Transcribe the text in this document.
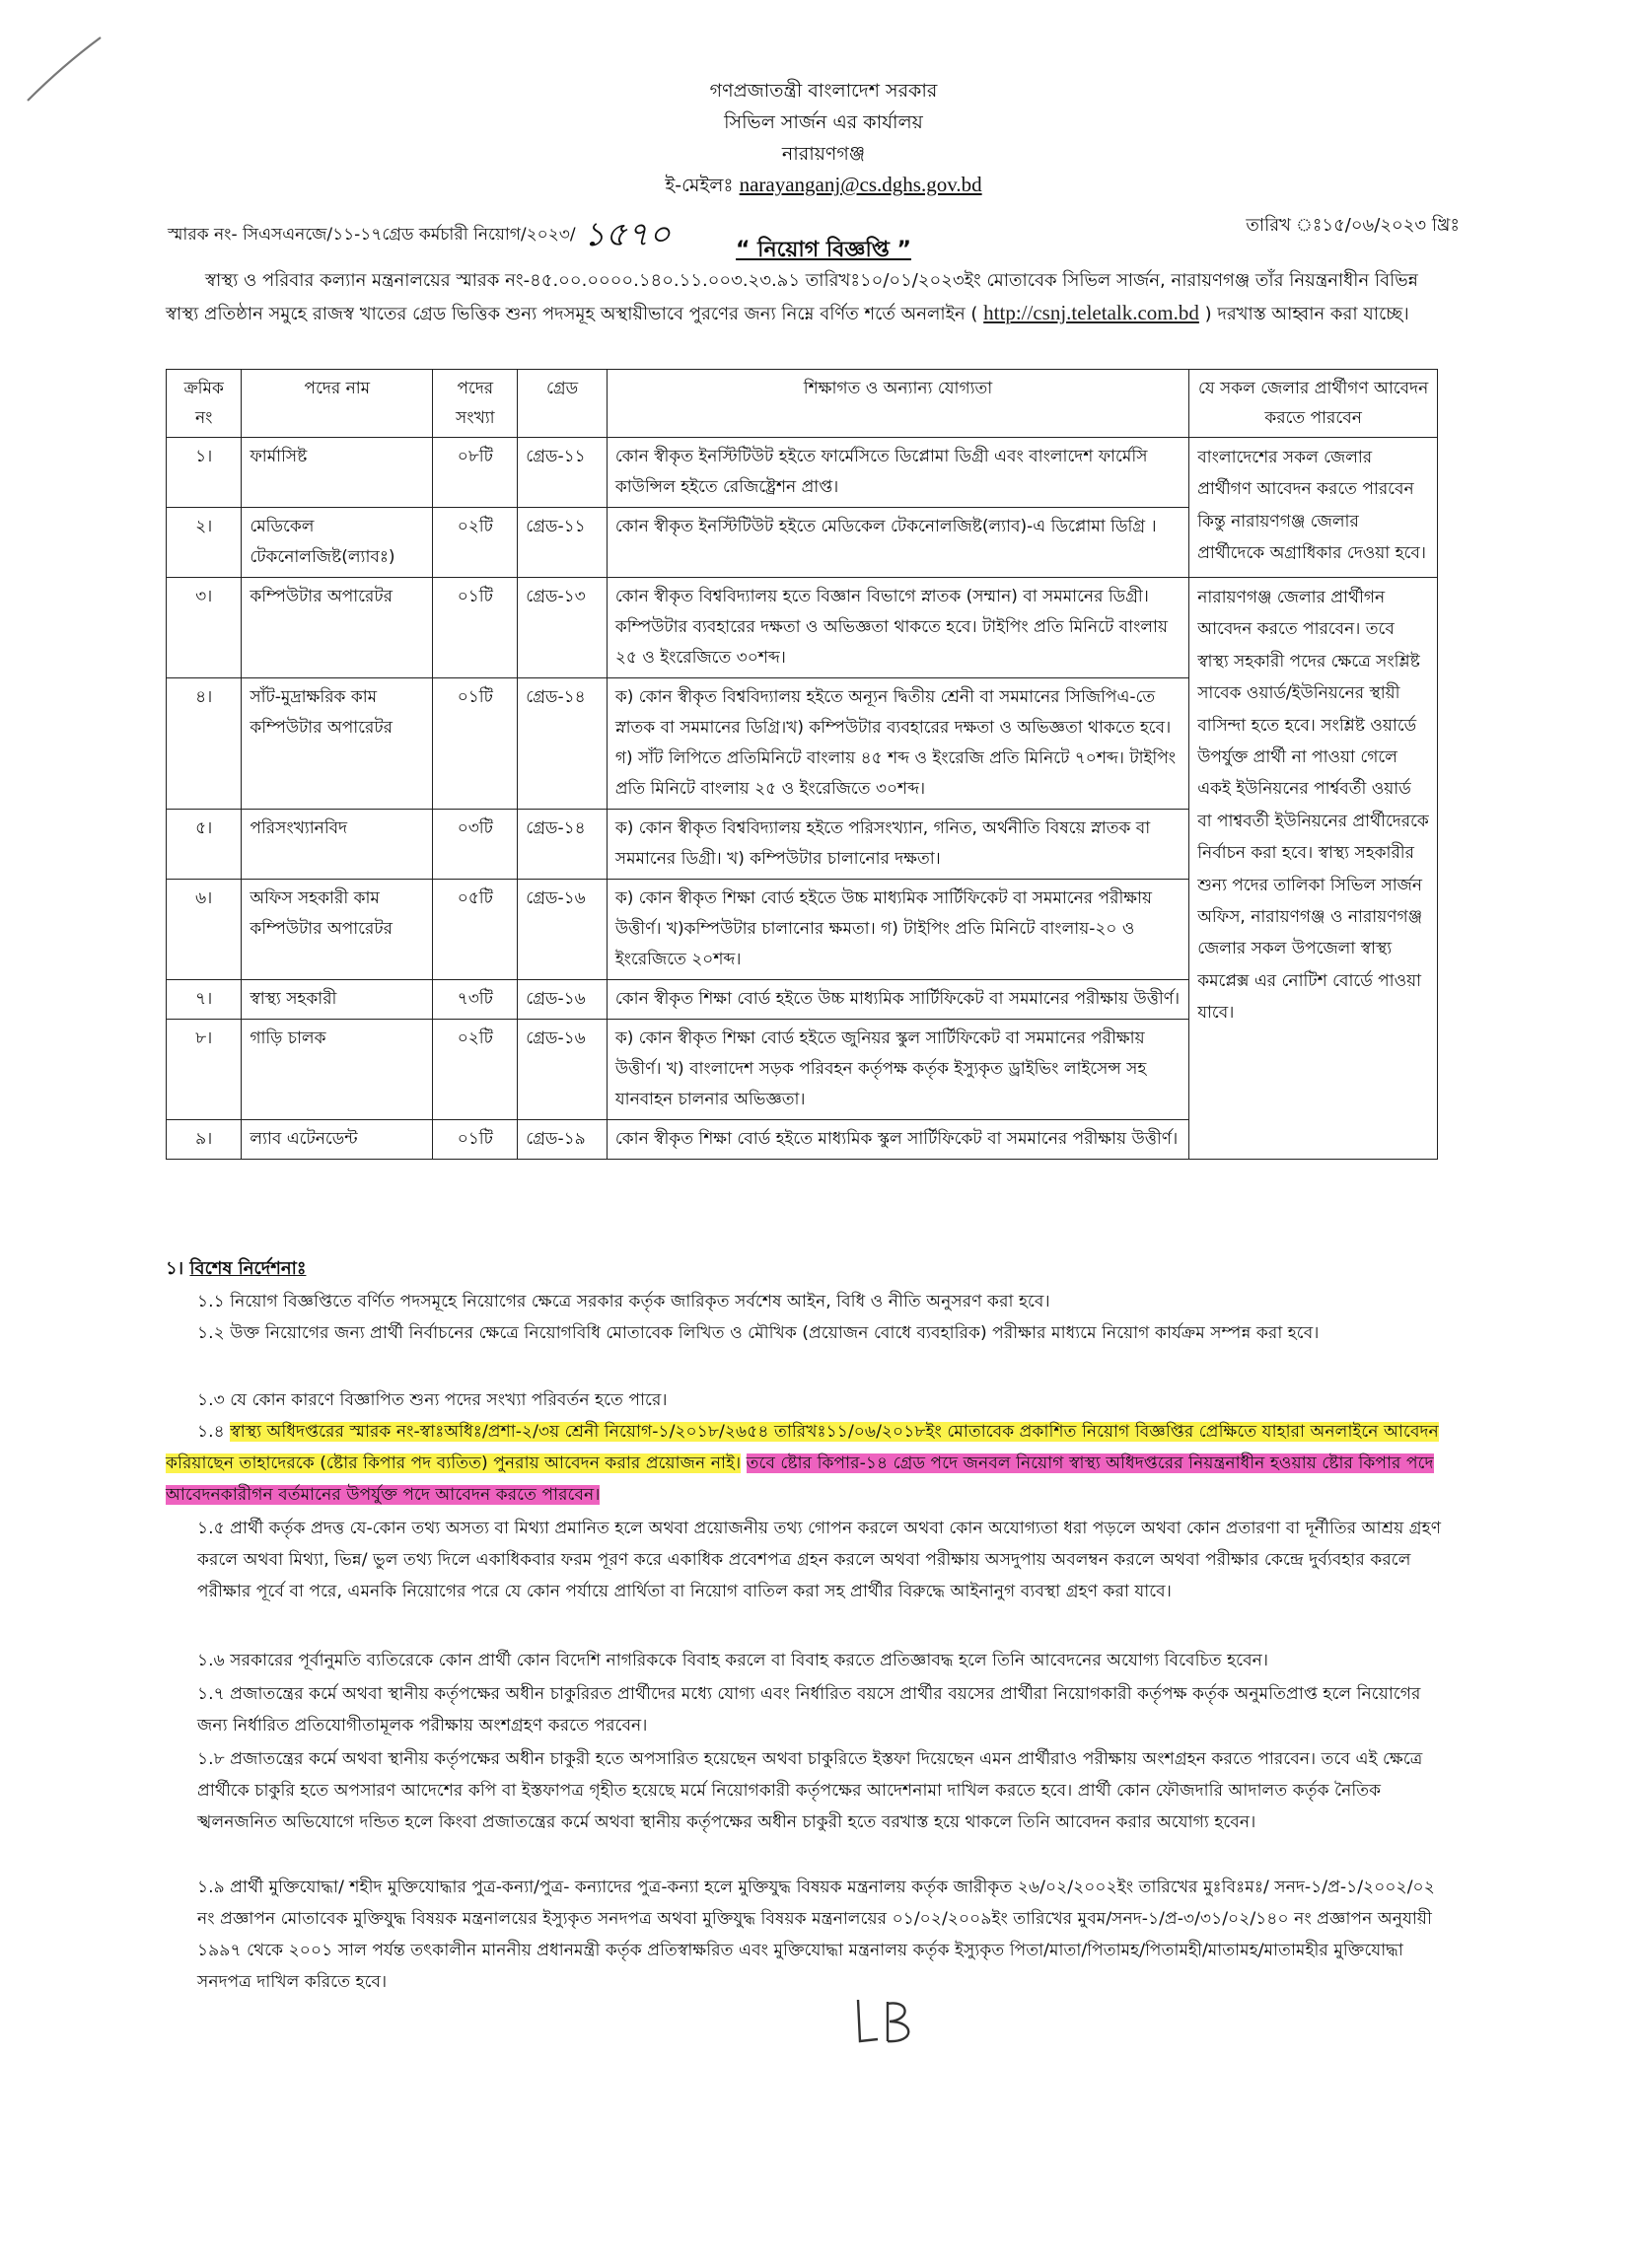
গণপ্রজাতন্ত্রী বাংলাদেশ সরকার
সিভিল সার্জন এর কার্যালয়
নারায়ণগঞ্জ
ই-মেইলঃ narayanganj@cs.dghs.gov.bd
স্মারক নং- সিএসএনজে/১১-১৭গ্রেড কর্মচারী নিয়োগ/২০২৩/ ১৫৭০	তারিখ ঃ১৫/০৬/২০২৩ খ্রিঃ
“ নিয়োগ বিজ্ঞপ্তি ”
স্বাস্থ্য ও পরিবার কল্যান মন্ত্রনালয়ের স্মারক নং-৪৫.০০.০০০০.১৪০.১১.০০৩.২৩.৯১ তারিখঃ১০/০১/২০২৩ইং মোতাবেক সিভিল সার্জন, নারায়ণগঞ্জ তাঁর নিয়ন্ত্রনাধীন বিভিন্ন স্বাস্থ্য প্রতিষ্ঠান সমুহে রাজস্ব খাতের গ্রেড ভিত্তিক শুন্য পদসমূহ অস্থায়ীভাবে পুরণের জন্য নিম্নে বর্ণিত শর্তে অনলাইন ( http://csnj.teletalk.com.bd ) দরখাস্ত আহ্বান করা যাচ্ছে।
ক্রমিক নং	পদের নাম	পদের সংখ্যা	গ্রেড	শিক্ষাগত ও অন্যান্য যোগ্যতা	যে সকল জেলার প্রার্থীগণ আবেদন করতে পারবেন
১।	ফার্মাসিষ্ট	০৮টি	গ্রেড-১১	কোন স্বীকৃত ইনস্টিটিউট হইতে ফার্মেসিতে ডিপ্লোমা ডিগ্রী এবং বাংলাদেশ ফার্মেসি কাউন্সিল হইতে রেজিষ্ট্রেশন প্রাপ্ত।	বাংলাদেশের সকল জেলার প্রার্থীগণ আবেদন করতে পারবেন কিন্তু নারায়ণগঞ্জ জেলার প্রার্থীদেকে অগ্রাধিকার দেওয়া হবে।
২।	মেডিকেল টেকনোলজিষ্ট(ল্যাবঃ)	০২টি	গ্রেড-১১	কোন স্বীকৃত ইনস্টিটিউট হইতে মেডিকেল টেকনোলজিষ্ট(ল্যাব)-এ ডিপ্লোমা ডিগ্রি ।	
৩।	কম্পিউটার অপারেটর	০১টি	গ্রেড-১৩	কোন স্বীকৃত বিশ্ববিদ্যালয় হতে বিজ্ঞান বিভাগে স্নাতক (সম্মান) বা সমমানের ডিগ্রী। কম্পিউটার ব্যবহারের দক্ষতা ও অভিজ্ঞতা থাকতে হবে। টাইপিং প্রতি মিনিটে বাংলায় ২৫ ও ইংরেজিতে ৩০শব্দ।	নারায়ণগঞ্জ জেলার প্রার্থীগন আবেদন করতে পারবেন। তবে স্বাস্থ্য সহকারী পদের ক্ষেত্রে সংশ্লিষ্ট সাবেক ওয়ার্ড/ইউনিয়নের স্থায়ী বাসিন্দা হতে হবে। সংশ্লিষ্ট ওয়ার্ডে উপর্যুক্ত প্রার্থী না পাওয়া গেলে একই ইউনিয়নের পার্শ্ববর্তী ওয়ার্ড বা পাশ্ববর্তী ইউনিয়নের প্রার্থীদেরকে নির্বাচন করা হবে। স্বাস্থ্য সহকারীর শুন্য পদের তালিকা সিভিল সার্জন অফিস, নারায়ণগঞ্জ ও নারায়ণগঞ্জ জেলার সকল উপজেলা স্বাস্থ্য কমপ্লেক্স এর নোটিশ বোর্ডে পাওয়া যাবে।
৪।	সাঁট-মুদ্রাক্ষরিক কাম কম্পিউটার অপারেটর	০১টি	গ্রেড-১৪	ক) কোন স্বীকৃত বিশ্ববিদ্যালয় হইতে অন্যূন দ্বিতীয় শ্রেনী বা সমমানের সিজিপিএ-তে স্নাতক বা সমমানের ডিগ্রি।খ) কম্পিউটার ব্যবহারের দক্ষতা ও অভিজ্ঞতা থাকতে হবে। গ) সাঁট লিপিতে প্রতিমিনিটে বাংলায় ৪৫ শব্দ ও ইংরেজি প্রতি মিনিটে ৭০শব্দ। টাইপিং প্রতি মিনিটে বাংলায় ২৫ ও ইংরেজিতে ৩০শব্দ।	
৫।	পরিসংখ্যানবিদ	০৩টি	গ্রেড-১৪	ক) কোন স্বীকৃত বিশ্ববিদ্যালয় হইতে পরিসংখ্যান, গনিত, অর্থনীতি বিষয়ে স্নাতক বা সমমানের ডিগ্রী। খ) কম্পিউটার চালানোর দক্ষতা।	
৬।	অফিস সহকারী কাম কম্পিউটার অপারেটর	০৫টি	গ্রেড-১৬	ক) কোন স্বীকৃত শিক্ষা বোর্ড হইতে উচ্চ মাধ্যমিক সার্টিফিকেট বা সমমানের পরীক্ষায় উত্তীর্ণ। খ)কম্পিউটার চালানোর ক্ষমতা। গ) টাইপিং প্রতি মিনিটে বাংলায়-২০ ও ইংরেজিতে ২০শব্দ।	
৭।	স্বাস্থ্য সহকারী	৭৩টি	গ্রেড-১৬	কোন স্বীকৃত শিক্ষা বোর্ড হইতে উচ্চ মাধ্যমিক সার্টিফিকেট বা সমমানের পরীক্ষায় উত্তীর্ণ।	
৮।	গাড়ি চালক	০২টি	গ্রেড-১৬	ক) কোন স্বীকৃত শিক্ষা বোর্ড হইতে জুনিয়র স্কুল সার্টিফিকেট বা সমমানের পরীক্ষায় উত্তীর্ণ। খ) বাংলাদেশ সড়ক পরিবহন কর্তৃপক্ষ কর্তৃক ইস্যুকৃত ড্রাইভিং লাইসেন্স সহ যানবাহন চালনার অভিজ্ঞতা।	
৯।	ল্যাব এটেনডেন্ট	০১টি	গ্রেড-১৯	কোন স্বীকৃত শিক্ষা বোর্ড হইতে মাধ্যমিক স্কুল সার্টিফিকেট বা সমমানের পরীক্ষায় উত্তীর্ণ।	
১। বিশেষ নির্দেশনাঃ
১.১ নিয়োগ বিজ্ঞপ্তিতে বর্ণিত পদসমূহে নিয়োগের ক্ষেত্রে সরকার কর্তৃক জারিকৃত সর্বশেষ আইন, বিধি ও নীতি অনুসরণ করা হবে।
১.২ উক্ত নিয়োগের জন্য প্রার্থী নির্বাচনের ক্ষেত্রে নিয়োগবিধি মোতাবেক লিখিত ও মৌখিক (প্রয়োজন বোধে ব্যবহারিক) পরীক্ষার মাধ্যমে নিয়োগ কার্যক্রম সম্পন্ন করা হবে।
১.৩ যে কোন কারণে বিজ্ঞাপিত শুন্য পদের সংখ্যা পরিবর্তন হতে পারে।
১.৪ স্বাস্থ্য অধিদপ্তরের স্মারক নং-স্বাঃঅধিঃ/প্রশা-২/৩য় শ্রেনী নিয়োগ-১/২০১৮/২৬৫৪ তারিখঃ১১/০৬/২০১৮ইং মোতাবেক প্রকাশিত নিয়োগ বিজ্ঞপ্তির প্রেক্ষিতে যাহারা অনলাইনে আবেদন করিয়াছেন তাহাদেরকে (ষ্টোর কিপার পদ ব্যতিত) পুনরায় আবেদন করার প্রয়োজন নাই। তবে ষ্টোর কিপার-১৪ গ্রেড পদে জনবল নিয়োগ স্বাস্থ্য অধিদপ্তরের নিয়ন্ত্রনাধীন হওয়ায় ষ্টোর কিপার পদে আবেদনকারীগন বর্তমানের উপর্যুক্ত পদে আবেদন করতে পারবেন।
১.৫ প্রার্থী কর্তৃক প্রদত্ত যে-কোন তথ্য অসত্য বা মিথ্যা প্রমানিত হলে অথবা প্রয়োজনীয় তথ্য গোপন করলে অথবা কোন অযোগ্যতা ধরা পড়লে অথবা কোন প্রতারণা বা দূর্নীতির আশ্রয় গ্রহণ করলে অথবা মিথ্যা, ভিন্ন/ ভুল তথ্য দিলে একাধিকবার ফরম পূরণ করে একাধিক প্রবেশপত্র গ্রহন করলে অথবা পরীক্ষায় অসদুপায় অবলম্বন করলে অথবা পরীক্ষার কেন্দ্রে দুর্ব্যবহার করলে পরীক্ষার পূর্বে বা পরে, এমনকি নিয়োগের পরে যে কোন পর্যায়ে প্রার্থিতা বা নিয়োগ বাতিল করা সহ প্রার্থীর বিরুদ্ধে আইনানুগ ব্যবস্থা গ্রহণ করা যাবে।
১.৬ সরকারের পূর্বানুমতি ব্যতিরেকে কোন প্রার্থী কোন বিদেশি নাগরিককে বিবাহ করলে বা বিবাহ করতে প্রতিজ্ঞাবদ্ধ হলে তিনি আবেদনের অযোগ্য বিবেচিত হবেন।
১.৭ প্রজাতন্ত্রের কর্মে অথবা স্থানীয় কর্তৃপক্ষের অধীন চাকুরিরত প্রার্থীদের মধ্যে যোগ্য এবং নির্ধারিত বয়সে প্রার্থীর বয়সের প্রার্থীরা নিয়োগকারী কর্তৃপক্ষ কর্তৃক অনুমতিপ্রাপ্ত হলে নিয়োগের জন্য নির্ধারিত প্রতিযোগীতামূলক পরীক্ষায় অংশগ্রহণ করতে পরবেন।
১.৮ প্রজাতন্ত্রের কর্মে অথবা স্থানীয় কর্তৃপক্ষের অধীন চাকুরী হতে অপসারিত হয়েছেন অথবা চাকুরিতে ইস্তফা দিয়েছেন এমন প্রার্থীরাও পরীক্ষায় অংশগ্রহন করতে পারবেন। তবে এই ক্ষেত্রে প্রার্থীকে চাকুরি হতে অপসারণ আদেশের কপি বা ইস্তফাপত্র গৃহীত হয়েছে মর্মে নিয়োগকারী কর্তৃপক্ষের আদেশনামা দাখিল করতে হবে। প্রার্থী কোন ফৌজদারি আদালত কর্তৃক নৈতিক স্খলনজনিত অভিযোগে দন্ডিত হলে কিংবা প্রজাতন্ত্রের কর্মে অথবা স্থানীয় কর্তৃপক্ষের অধীন চাকুরী হতে বরখাস্ত হয়ে থাকলে তিনি আবেদন করার অযোগ্য হবেন।
১.৯ প্রার্থী মুক্তিযোদ্ধা/ শহীদ মুক্তিযোদ্ধার পুত্র-কন্যা/পুত্র- কন্যাদের পুত্র-কন্যা হলে মুক্তিযুদ্ধ বিষয়ক মন্ত্রনালয় কর্তৃক জারীকৃত ২৬/০২/২০০২ইং তারিখের মুঃবিঃমঃ/ সনদ-১/প্র-১/২০০২/০২ নং প্রজ্ঞাপন মোতাবেক মুক্তিযুদ্ধ বিষয়ক মন্ত্রনালয়ের ইস্যুকৃত সনদপত্র অথবা মুক্তিযুদ্ধ বিষয়ক মন্ত্রনালয়ের ০১/০২/২০০৯ইং তারিখের মুবম/সনদ-১/প্র-৩/৩১/০২/১৪০ নং প্রজ্ঞাপন অনুযায়ী ১৯৯৭ থেকে ২০০১ সাল পর্যন্ত তৎকালীন মাননীয় প্রধানমন্ত্রী কর্তৃক প্রতিস্বাক্ষরিত এবং মুক্তিযোদ্ধা মন্ত্রনালয় কর্তৃক ইস্যুকৃত পিতা/মাতা/পিতামহ/পিতামহী/মাতামহ/মাতামহীর মুক্তিযোদ্ধা সনদপত্র দাখিল করিতে হবে।
